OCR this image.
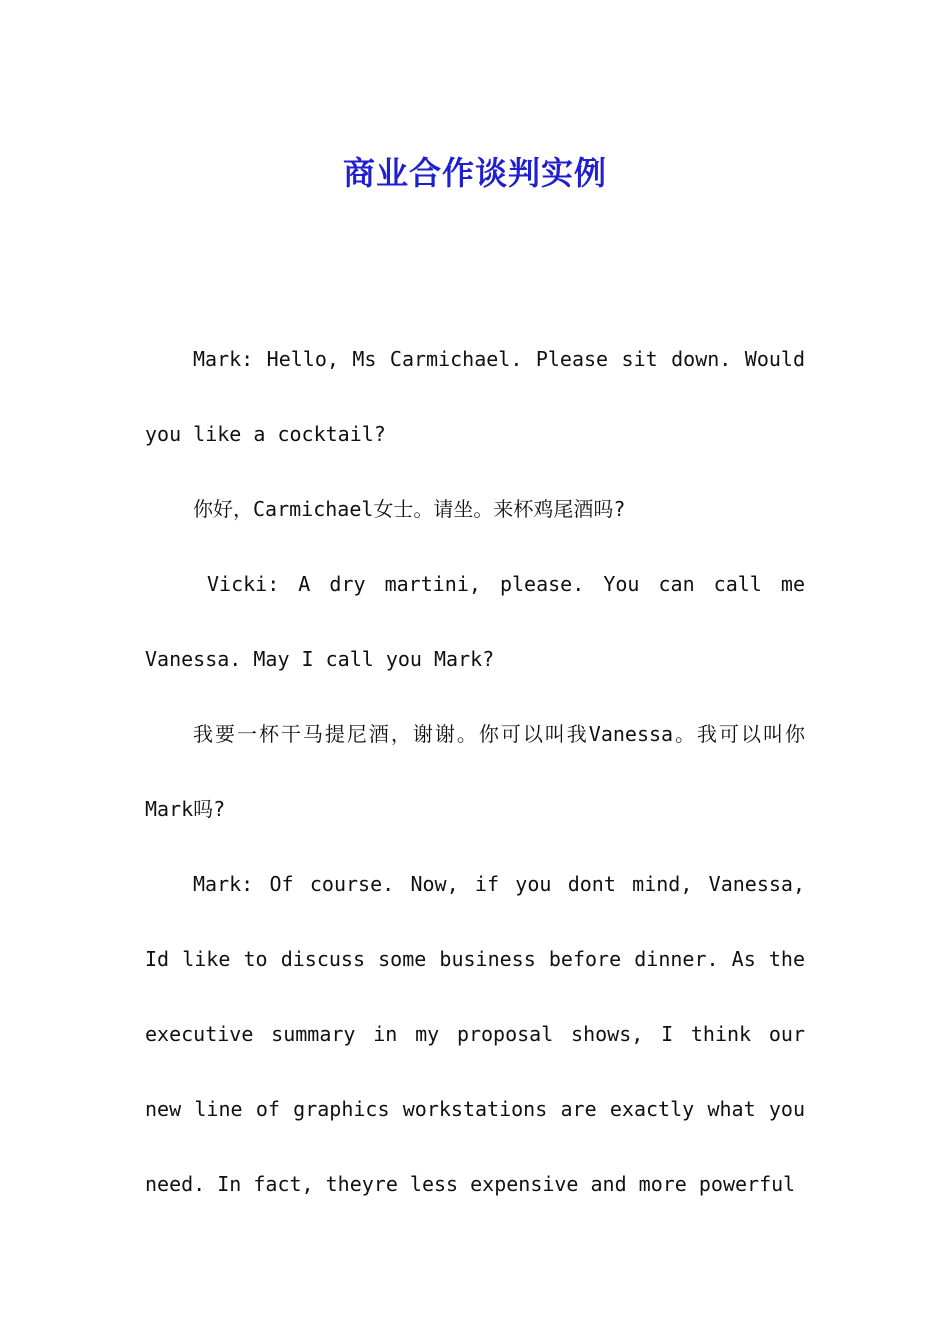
商业合作谈判实例

Mark: Hello, Ms Carmichael. Please sit down. Would you like a cocktail?

你好，Carmichael女士。请坐。来杯鸡尾酒吗?

Vicki: A dry martini, please. You can call me Vanessa. May I call you Mark?

我要一杯干马提尼酒，谢谢。你可以叫我Vanessa。我可以叫你 Mark吗?

Mark: Of course. Now, if you dont mind, Vanessa, Id like to discuss some business before dinner. As the executive summary in my proposal shows, I think our new line of graphics workstations are exactly what you need. In fact, theyre less expensive and more powerful
